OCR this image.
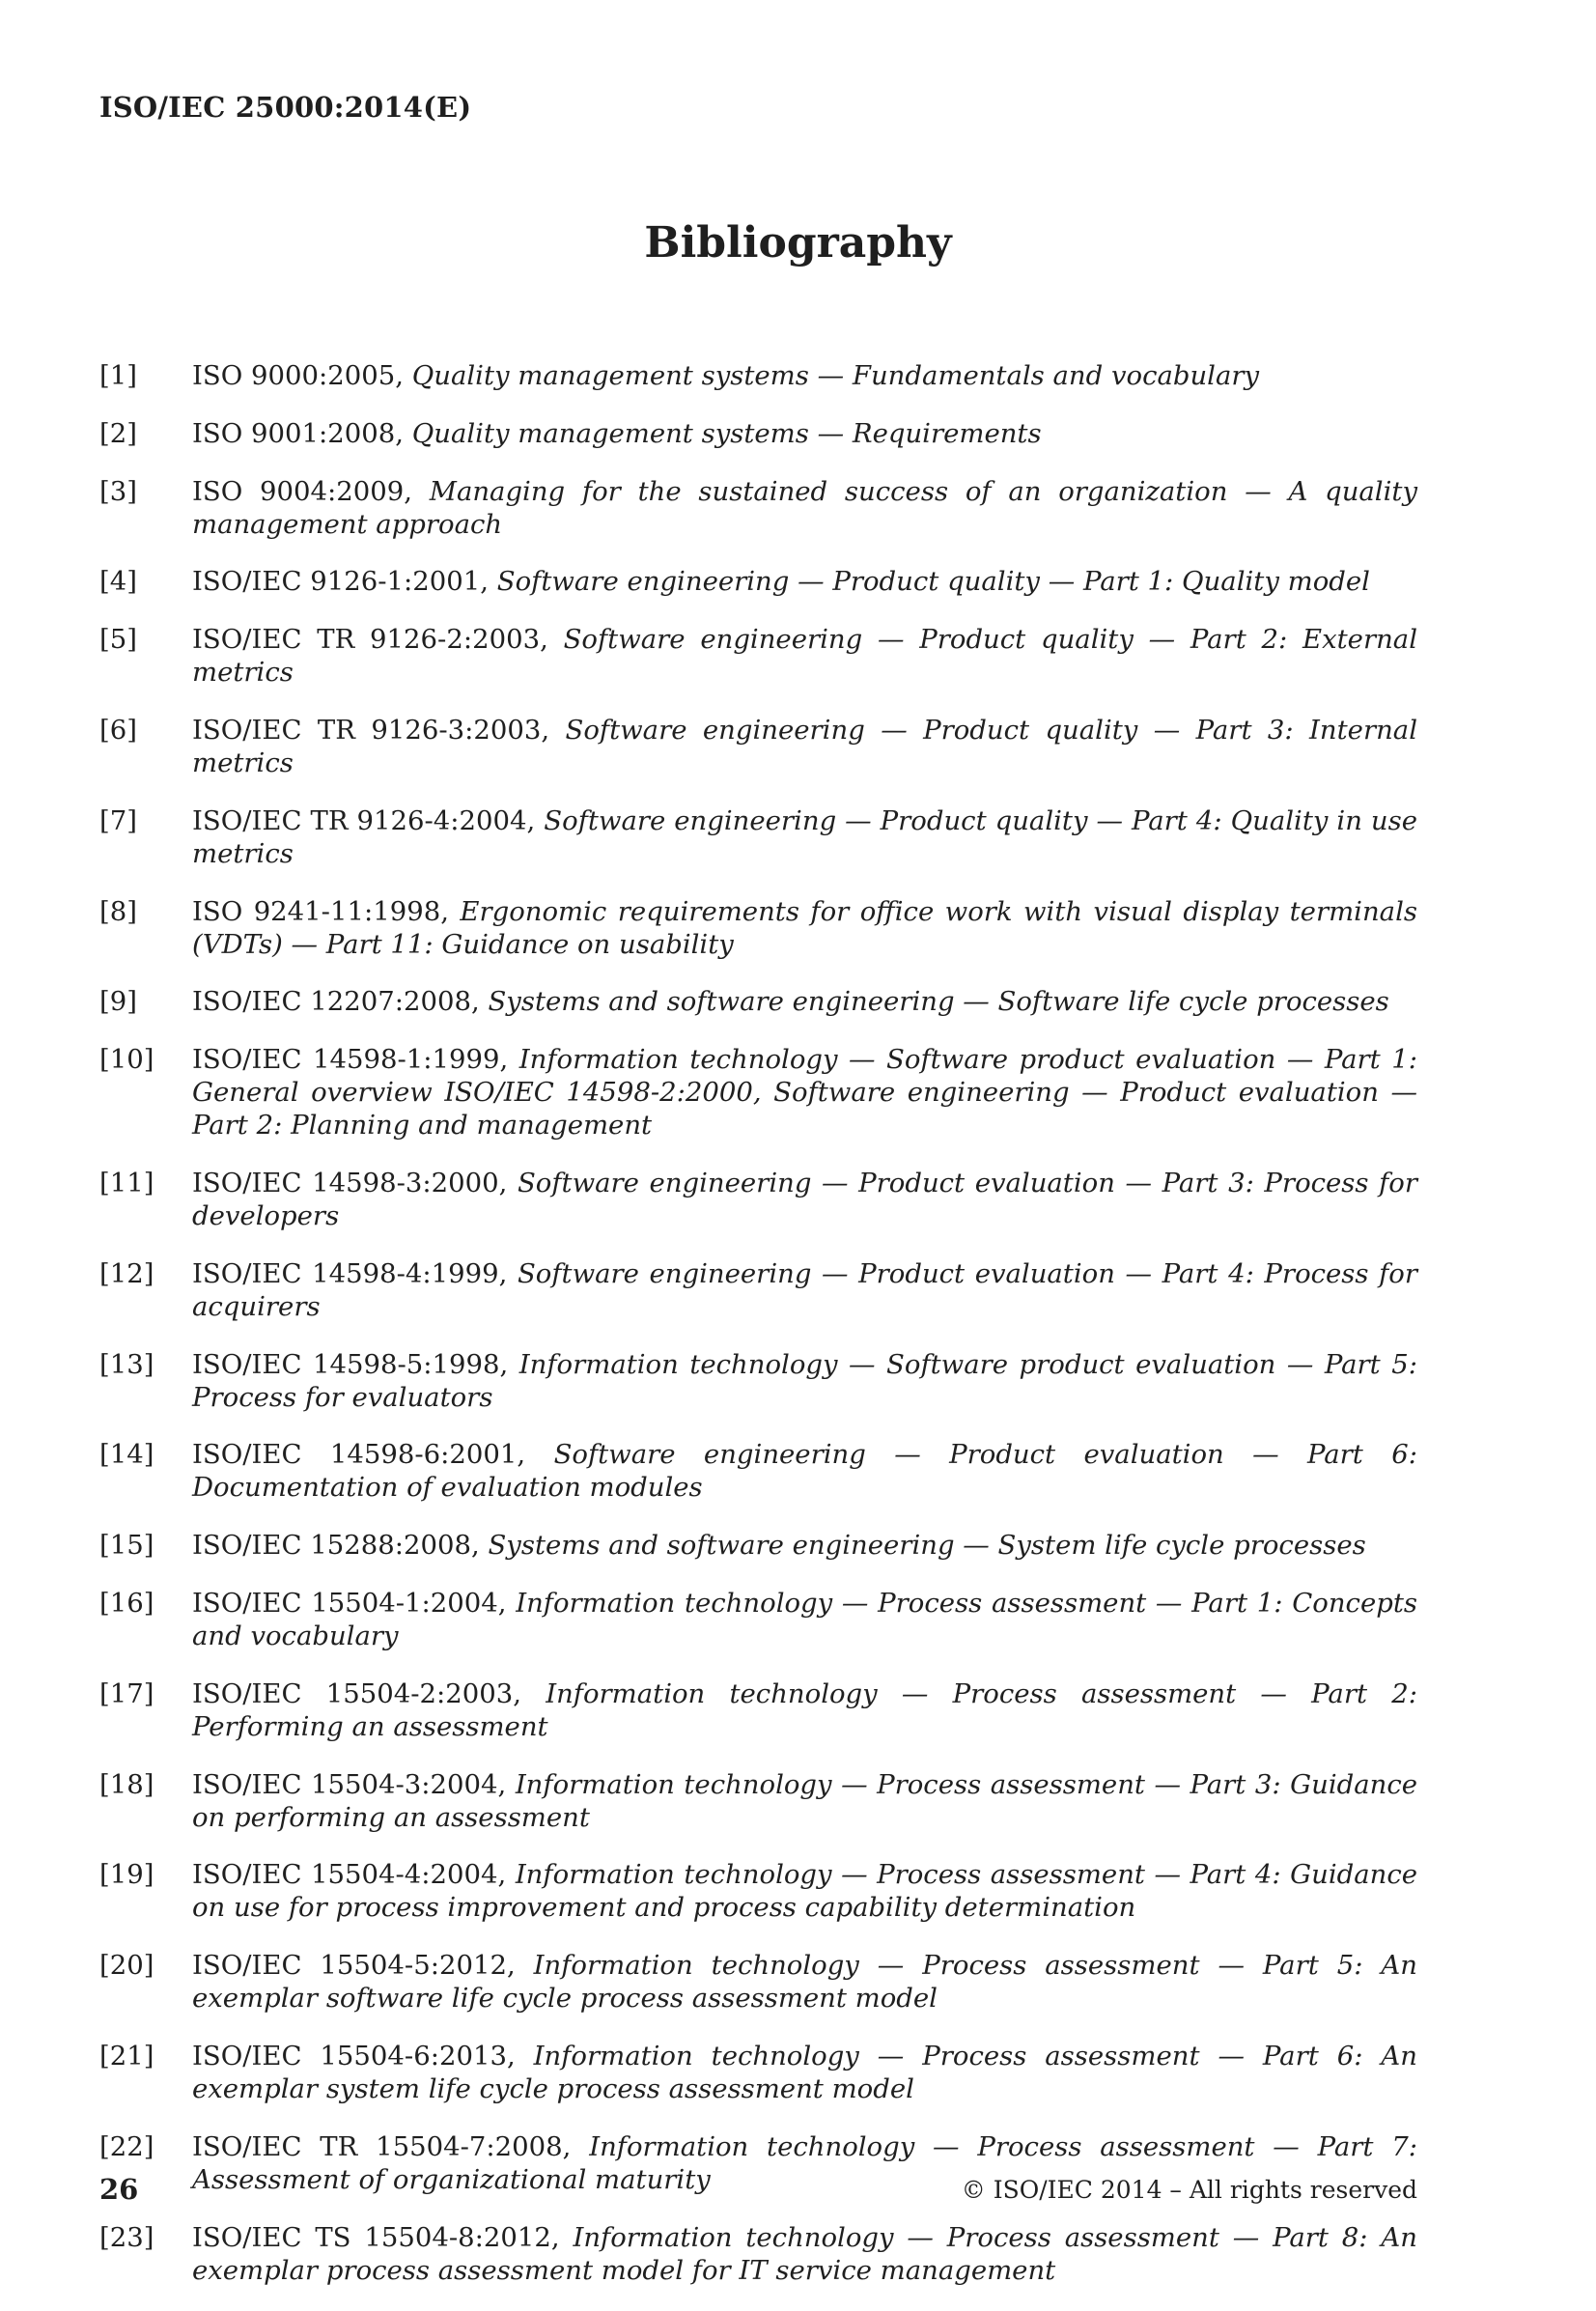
ISO/IEC 25000:2014(E)
Bibliography
[1]	ISO 9000:2005, Quality management systems — Fundamentals and vocabulary
[2]	ISO 9001:2008, Quality management systems — Requirements
[3]	ISO 9004:2009, Managing for the sustained success of an organization — A quality management approach
[4]	ISO/IEC 9126-1:2001, Software engineering — Product quality — Part 1: Quality model
[5]	ISO/IEC TR 9126-2:2003, Software engineering — Product quality — Part 2: External metrics
[6]	ISO/IEC TR 9126-3:2003, Software engineering — Product quality — Part 3: Internal metrics
[7]	ISO/IEC TR 9126-4:2004, Software engineering — Product quality — Part 4: Quality in use metrics
[8]	ISO 9241-11:1998, Ergonomic requirements for office work with visual display terminals (VDTs) — Part 11: Guidance on usability
[9]	ISO/IEC 12207:2008, Systems and software engineering — Software life cycle processes
[10]	ISO/IEC 14598-1:1999, Information technology — Software product evaluation — Part 1: General overview ISO/IEC 14598-2:2000, Software engineering — Product evaluation — Part 2: Planning and management
[11]	ISO/IEC 14598-3:2000, Software engineering — Product evaluation — Part 3: Process for developers
[12]	ISO/IEC 14598-4:1999, Software engineering — Product evaluation — Part 4: Process for acquirers
[13]	ISO/IEC 14598-5:1998, Information technology — Software product evaluation — Part 5: Process for evaluators
[14]	ISO/IEC 14598-6:2001, Software engineering — Product evaluation — Part 6: Documentation of evaluation modules
[15]	ISO/IEC 15288:2008, Systems and software engineering — System life cycle processes
[16]	ISO/IEC 15504-1:2004, Information technology — Process assessment — Part 1: Concepts and vocabulary
[17]	ISO/IEC 15504-2:2003, Information technology — Process assessment — Part 2: Performing an assessment
[18]	ISO/IEC 15504-3:2004, Information technology — Process assessment — Part 3: Guidance on performing an assessment
[19]	ISO/IEC 15504-4:2004, Information technology — Process assessment — Part 4: Guidance on use for process improvement and process capability determination
[20]	ISO/IEC 15504-5:2012, Information technology — Process assessment — Part 5: An exemplar software life cycle process assessment model
[21]	ISO/IEC 15504-6:2013, Information technology — Process assessment — Part 6: An exemplar system life cycle process assessment model
[22]	ISO/IEC TR 15504-7:2008, Information technology — Process assessment — Part 7: Assessment of organizational maturity
[23]	ISO/IEC TS 15504-8:2012, Information technology — Process assessment — Part 8: An exemplar process assessment model for IT service management
26	© ISO/IEC 2014 – All rights reserved
